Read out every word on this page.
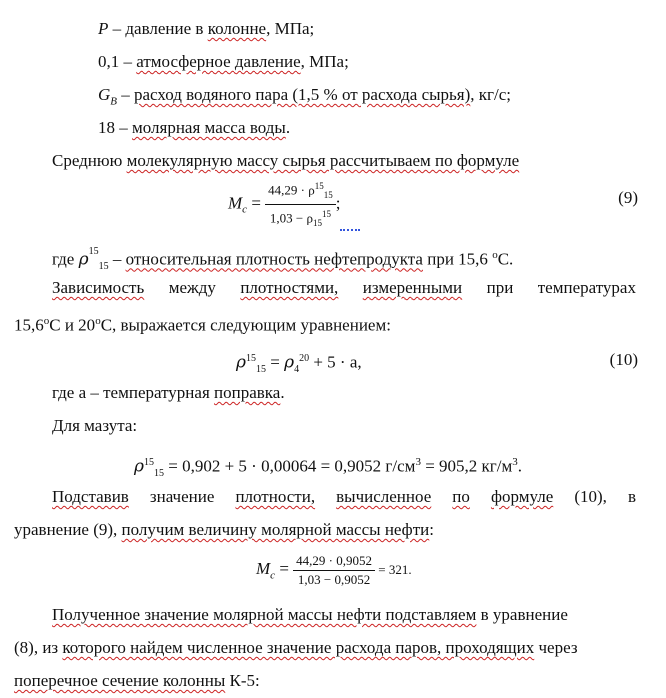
P – давление в колонне, МПа;
0,1 – атмосферное давление, МПа;
$G_B$ – расход водяного пара (1,5 % от расхода сырья), кг/с;
18 – молярная масса воды.
Среднюю молекулярную массу сырья рассчитываем по формуле
$M_c = \frac{44,29 \cdot \rho^{15}_{15}}{1,03 - \rho_{15}^{15}}$ ;	(9)
где $\rho^{15}_{15}$ – относительная плотность нефтепродукта при 15,6 $^о$С.
Зависимость между плотностями, измеренными при температурах
$15,6^оС$ и $20^оС$, выражается следующим уравнением:
$\rho^{15}_{15} = \rho_4^{20} + 5 \cdot a$,	(10)
где а – температурная поправка.
Для мазута:
$\rho^{15}_{15} = 0,902 + 5 \cdot 0,00064 = 0,9052$ $г/см^3 = 905,2$ $кг/м^3$.
Подставив значение плотности, вычисленное по формуле (10), в
уравнение (9), получим величину молярной массы нефти:
$M_c = \frac{44,29 \cdot 0,9052}{1,03 - 0,9052} = 321$.
Полученное значение молярной массы нефти подставляем в уравнение
(8), из которого найдем численное значение расхода паров, проходящих через
поперечное сечение колонны К-5:
